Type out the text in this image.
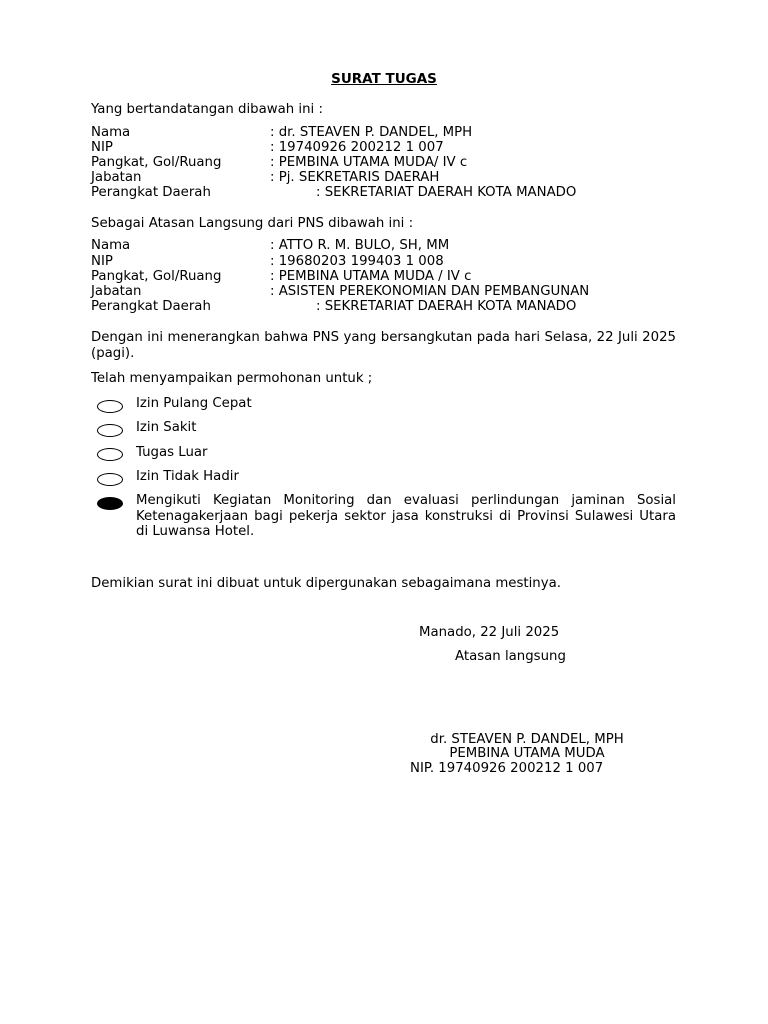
SURAT TUGAS
Yang bertandatangan dibawah ini :
Nama	: dr. STEAVEN P. DANDEL, MPH
NIP	: 19740926 200212 1 007
Pangkat, Gol/Ruang	: PEMBINA UTAMA MUDA/ IV c
Jabatan	: Pj. SEKRETARIS DAERAH
Perangkat Daerah	: SEKRETARIAT DAERAH KOTA MANADO
Sebagai Atasan Langsung dari PNS dibawah ini :
Nama	: ATTO R. M. BULO, SH, MM
NIP	: 19680203 199403 1 008
Pangkat, Gol/Ruang	: PEMBINA UTAMA MUDA / IV c
Jabatan	: ASISTEN PEREKONOMIAN DAN PEMBANGUNAN
Perangkat Daerah	: SEKRETARIAT DAERAH KOTA MANADO
Dengan ini menerangkan bahwa PNS yang bersangkutan pada hari Selasa, 22 Juli 2025 (pagi).
Telah menyampaikan permohonan untuk ;
Izin Pulang Cepat
Izin Sakit
Tugas Luar
Izin Tidak Hadir
Mengikuti Kegiatan Monitoring dan evaluasi perlindungan jaminan Sosial Ketenagakerjaan bagi pekerja sektor jasa konstruksi di Provinsi Sulawesi Utara di Luwansa Hotel.
Demikian surat ini dibuat untuk dipergunakan sebagaimana mestinya.
Manado, 22 Juli 2025
Atasan langsung
dr. STEAVEN P. DANDEL, MPH
PEMBINA UTAMA MUDA
NIP. 19740926 200212 1 007
